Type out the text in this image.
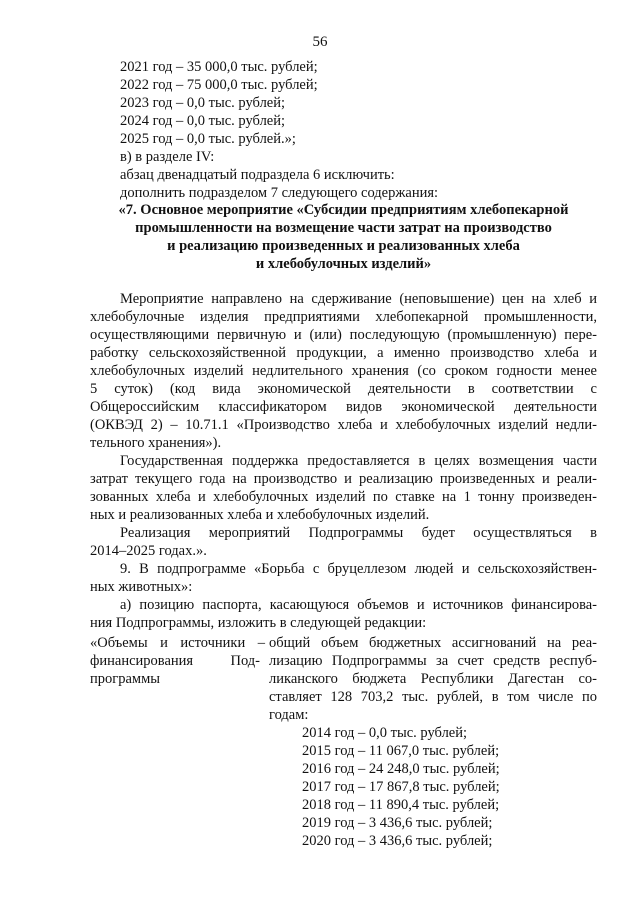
56
2021 год – 35 000,0 тыс. рублей;
2022 год – 75 000,0 тыс. рублей;
2023 год – 0,0 тыс. рублей;
2024 год – 0,0 тыс. рублей;
2025 год – 0,0 тыс. рублей.»;
в) в разделе IV:
абзац двенадцатый подраздела 6 исключить:
дополнить подразделом 7 следующего содержания:
«7. Основное мероприятие «Субсидии предприятиям хлебопекарной
промышленности на возмещение части затрат на производство
и реализацию произведенных и реализованных хлеба
и хлебобулочных изделий»
Мероприятие направлено на сдерживание (неповышение) цен на хлеб и
хлебобулочные изделия предприятиями хлебопекарной промышленности,
осуществляющими первичную и (или) последующую (промышленную) пере-
работку сельскохозяйственной продукции, а именно производство хлеба и
хлебобулочных изделий недлительного хранения (со сроком годности менее
5 суток) (код вида экономической деятельности в соответствии с
Общероссийским классификатором видов экономической деятельности
(ОКВЭД 2) – 10.71.1 «Производство хлеба и хлебобулочных изделий недли-
тельного хранения»).
Государственная поддержка предоставляется в целях возмещения части
затрат текущего года на производство и реализацию произведенных и реали-
зованных хлеба и хлебобулочных изделий по ставке на 1 тонну произведен-
ных и реализованных хлеба и хлебобулочных изделий.
Реализация мероприятий Подпрограммы будет осуществляться в
2014–2025 годах.».
9. В подпрограмме «Борьба с бруцеллезом людей и сельскохозяйствен-
ных животных»:
а) позицию паспорта, касающуюся объемов и источников финансирова-
ния Подпрограммы, изложить в следующей редакции:
«Объемы и источники –
финансирования Под-
программы
общий объем бюджетных ассигнований на реа-
лизацию Подпрограммы за счет средств респуб-
ликанского бюджета Республики Дагестан со-
ставляет 128 703,2 тыс. рублей, в том числе по
годам:
2014 год – 0,0 тыс. рублей;
2015 год – 11 067,0 тыс. рублей;
2016 год – 24 248,0 тыс. рублей;
2017 год – 17 867,8 тыс. рублей;
2018 год – 11 890,4 тыс. рублей;
2019 год – 3 436,6 тыс. рублей;
2020 год – 3 436,6 тыс. рублей;
